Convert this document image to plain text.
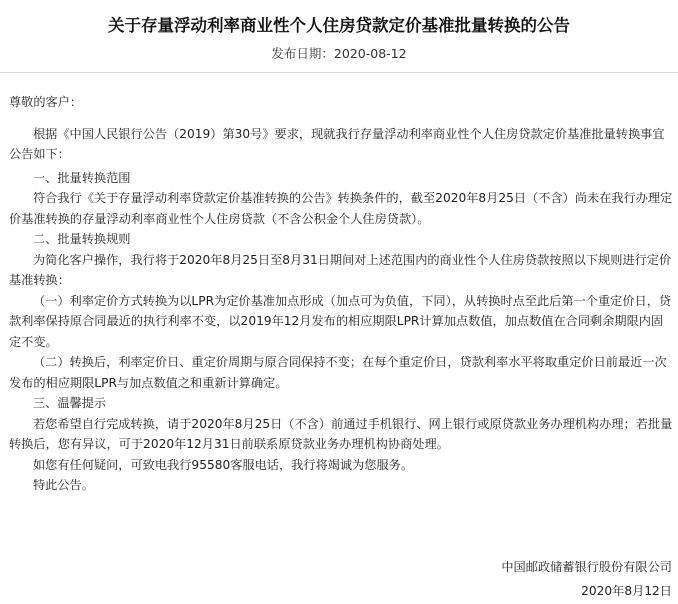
关于存量浮动利率商业性个人住房贷款定价基准批量转换的公告
发布日期：2020-08-12

尊敬的客户：

根据《中国人民银行公告（2019）第30号》要求，现就我行存量浮动利率商业性个人住房贷款定价基准批量转换事宜公告如下：

一、批量转换范围

符合我行《关于存量浮动利率贷款定价基准转换的公告》转换条件的，截至2020年8月25日（不含）尚未在我行办理定价基准转换的存量浮动利率商业性个人住房贷款（不含公积金个人住房贷款）。

二、批量转换规则

为简化客户操作，我行将于2020年8月25日至8月31日期间对上述范围内的商业性个人住房贷款按照以下规则进行定价基准转换：

（一）利率定价方式转换为以LPR为定价基准加点形成（加点可为负值，下同），从转换时点至此后第一个重定价日，贷款利率保持原合同最近的执行利率不变，以2019年12月发布的相应期限LPR计算加点数值，加点数值在合同剩余期限内固定不变。

（二）转换后，利率定价日、重定价周期与原合同保持不变；在每个重定价日，贷款利率水平将取重定价日前最近一次发布的相应期限LPR与加点数值之和重新计算确定。

三、温馨提示

若您希望自行完成转换，请于2020年8月25日（不含）前通过手机银行、网上银行或原贷款业务办理机构办理；若批量转换后，您有异议，可于2020年12月31日前联系原贷款业务办理机构协商处理。

如您有任何疑问，可致电我行95580客服电话，我行将竭诚为您服务。

特此公告。

中国邮政储蓄银行股份有限公司
2020年8月12日
